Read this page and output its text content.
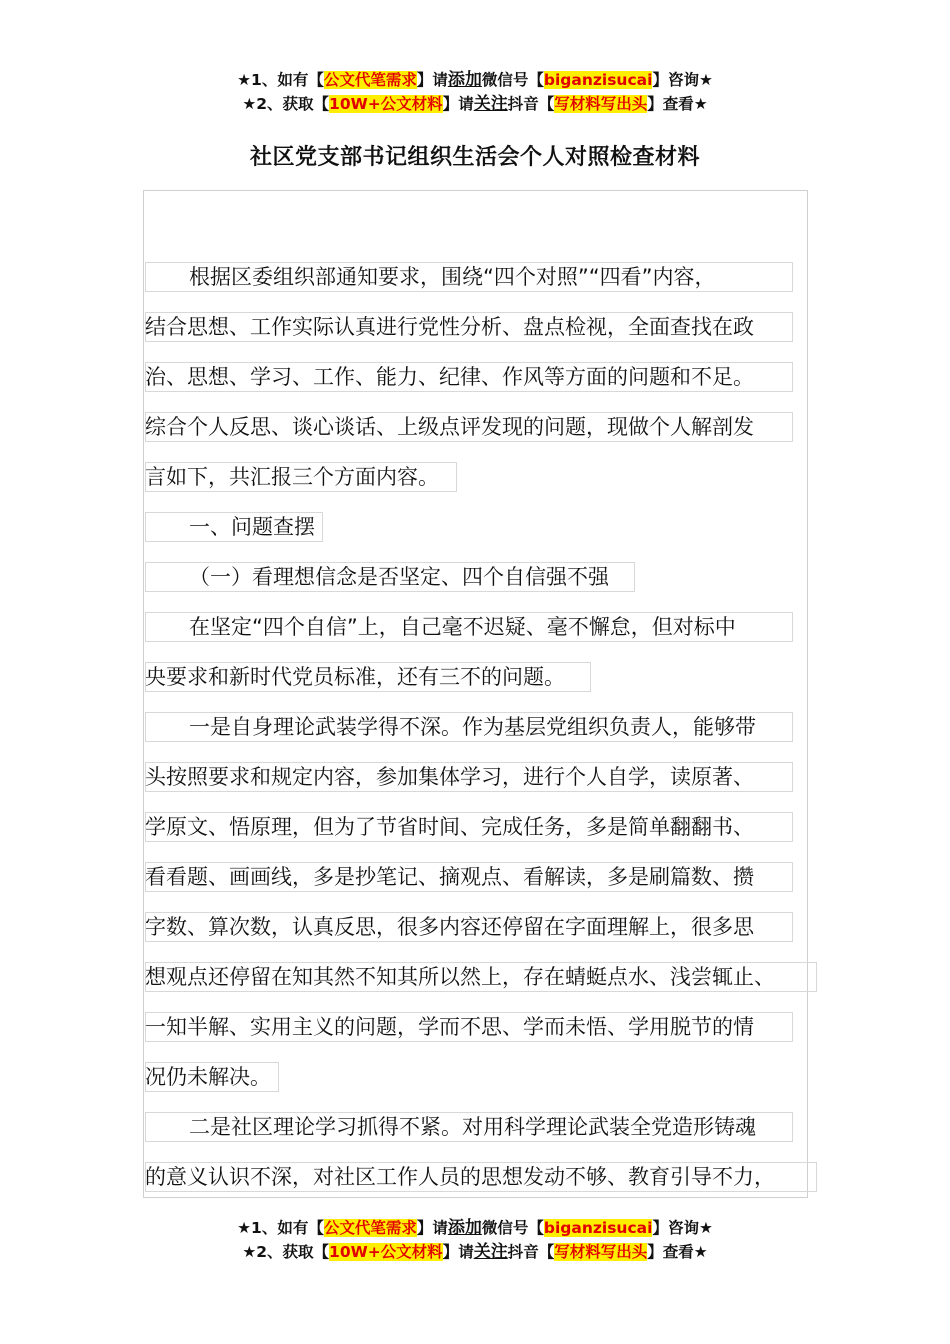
★1、如有【公文代笔需求】请添加微信号【biganzisucai】咨询★
★2、获取【10W+公文材料】请关注抖音【写材料写出头】查看★
社区党支部书记组织生活会个人对照检查材料
根据区委组织部通知要求，围绕“四个对照”“四看”内容，
结合思想、工作实际认真进行党性分析、盘点检视，全面查找在政
治、思想、学习、工作、能力、纪律、作风等方面的问题和不足。
综合个人反思、谈心谈话、上级点评发现的问题，现做个人解剖发
言如下，共汇报三个方面内容。
一、问题查摆
（一）看理想信念是否坚定、四个自信强不强
在坚定“四个自信”上，自己毫不迟疑、毫不懈怠，但对标中
央要求和新时代党员标准，还有三不的问题。
一是自身理论武装学得不深。作为基层党组织负责人，能够带
头按照要求和规定内容，参加集体学习，进行个人自学，读原著、
学原文、悟原理，但为了节省时间、完成任务，多是简单翻翻书、
看看题、画画线，多是抄笔记、摘观点、看解读，多是刷篇数、攒
字数、算次数，认真反思，很多内容还停留在字面理解上，很多思
想观点还停留在知其然不知其所以然上，存在蜻蜓点水、浅尝辄止、
一知半解、实用主义的问题，学而不思、学而未悟、学用脱节的情
况仍未解决。
二是社区理论学习抓得不紧。对用科学理论武装全党造形铸魂
的意义认识不深，对社区工作人员的思想发动不够、教育引导不力，
★1、如有【公文代笔需求】请添加微信号【biganzisucai】咨询★
★2、获取【10W+公文材料】请关注抖音【写材料写出头】查看★
